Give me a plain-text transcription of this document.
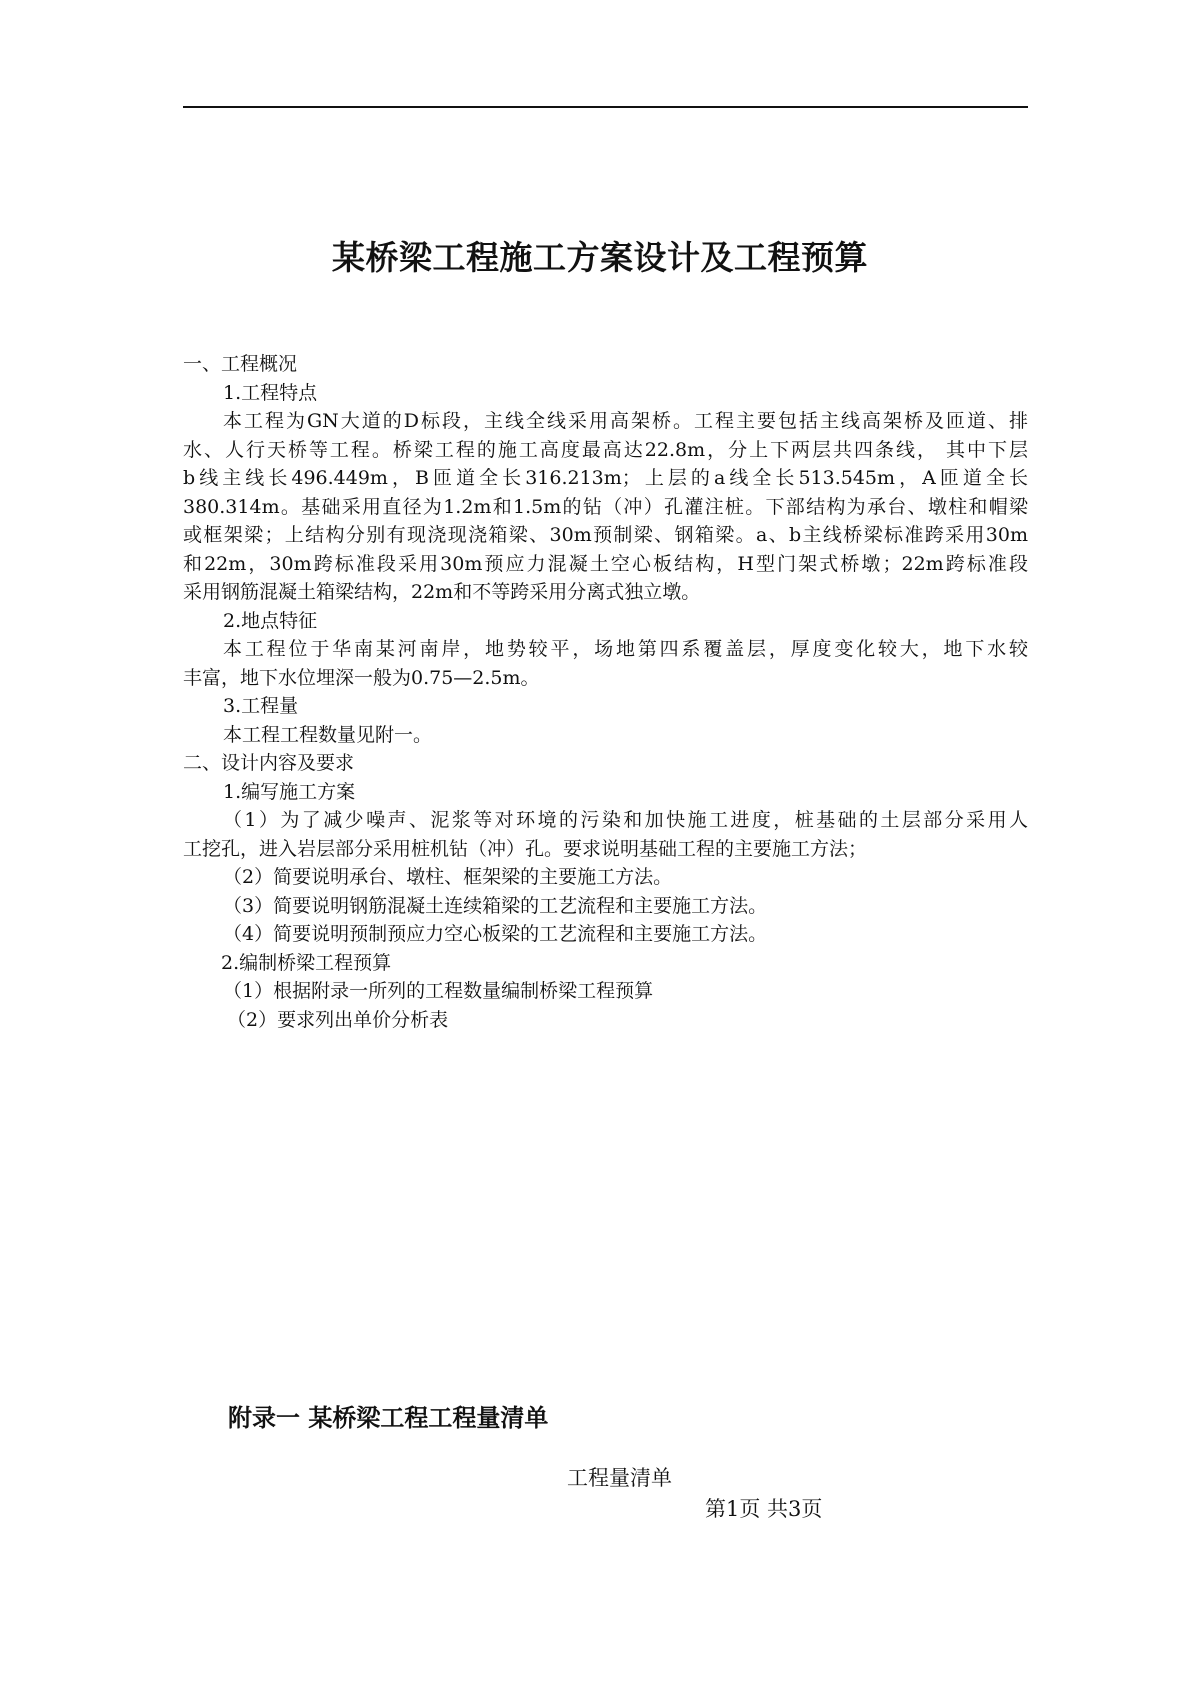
某桥梁工程施工方案设计及工程预算
一、工程概况
1.工程特点
本工程为GN大道的D标段，主线全线采用高架桥。工程主要包括主线高架桥及匝道、排
水、人行天桥等工程。桥梁工程的施工高度最高达22.8m，分上下两层共四条线， 其中下层
b线主线长496.449m，B匝道全长316.213m；上层的a线全长513.545m，A匝道全长
380.314m。基础采用直径为1.2m和1.5m的钻（冲）孔灌注桩。下部结构为承台、墩柱和帽梁
或框架梁；上结构分别有现浇现浇箱梁、30m预制梁、钢箱梁。a、b主线桥梁标准跨采用30m
和22m，30m跨标准段采用30m预应力混凝土空心板结构，H型门架式桥墩；22m跨标准段
采用钢筋混凝土箱梁结构，22m和不等跨采用分离式独立墩。
2.地点特征
本工程位于华南某河南岸，地势较平，场地第四系覆盖层，厚度变化较大，地下水较
丰富，地下水位埋深一般为0.75—2.5m。
3.工程量
本工程工程数量见附一。
二、设计内容及要求
1.编写施工方案
（1）为了减少噪声、泥浆等对环境的污染和加快施工进度，桩基础的土层部分采用人
工挖孔，进入岩层部分采用桩机钻（冲）孔。要求说明基础工程的主要施工方法；
（2）简要说明承台、墩柱、框架梁的主要施工方法。
（3）简要说明钢筋混凝土连续箱梁的工艺流程和主要施工方法。
（4）简要说明预制预应力空心板梁的工艺流程和主要施工方法。
2.编制桥梁工程预算
（1）根据附录一所列的工程数量编制桥梁工程预算
（2）要求列出单价分析表
附录一 某桥梁工程工程量清单
工程量清单
第1页 共3页
